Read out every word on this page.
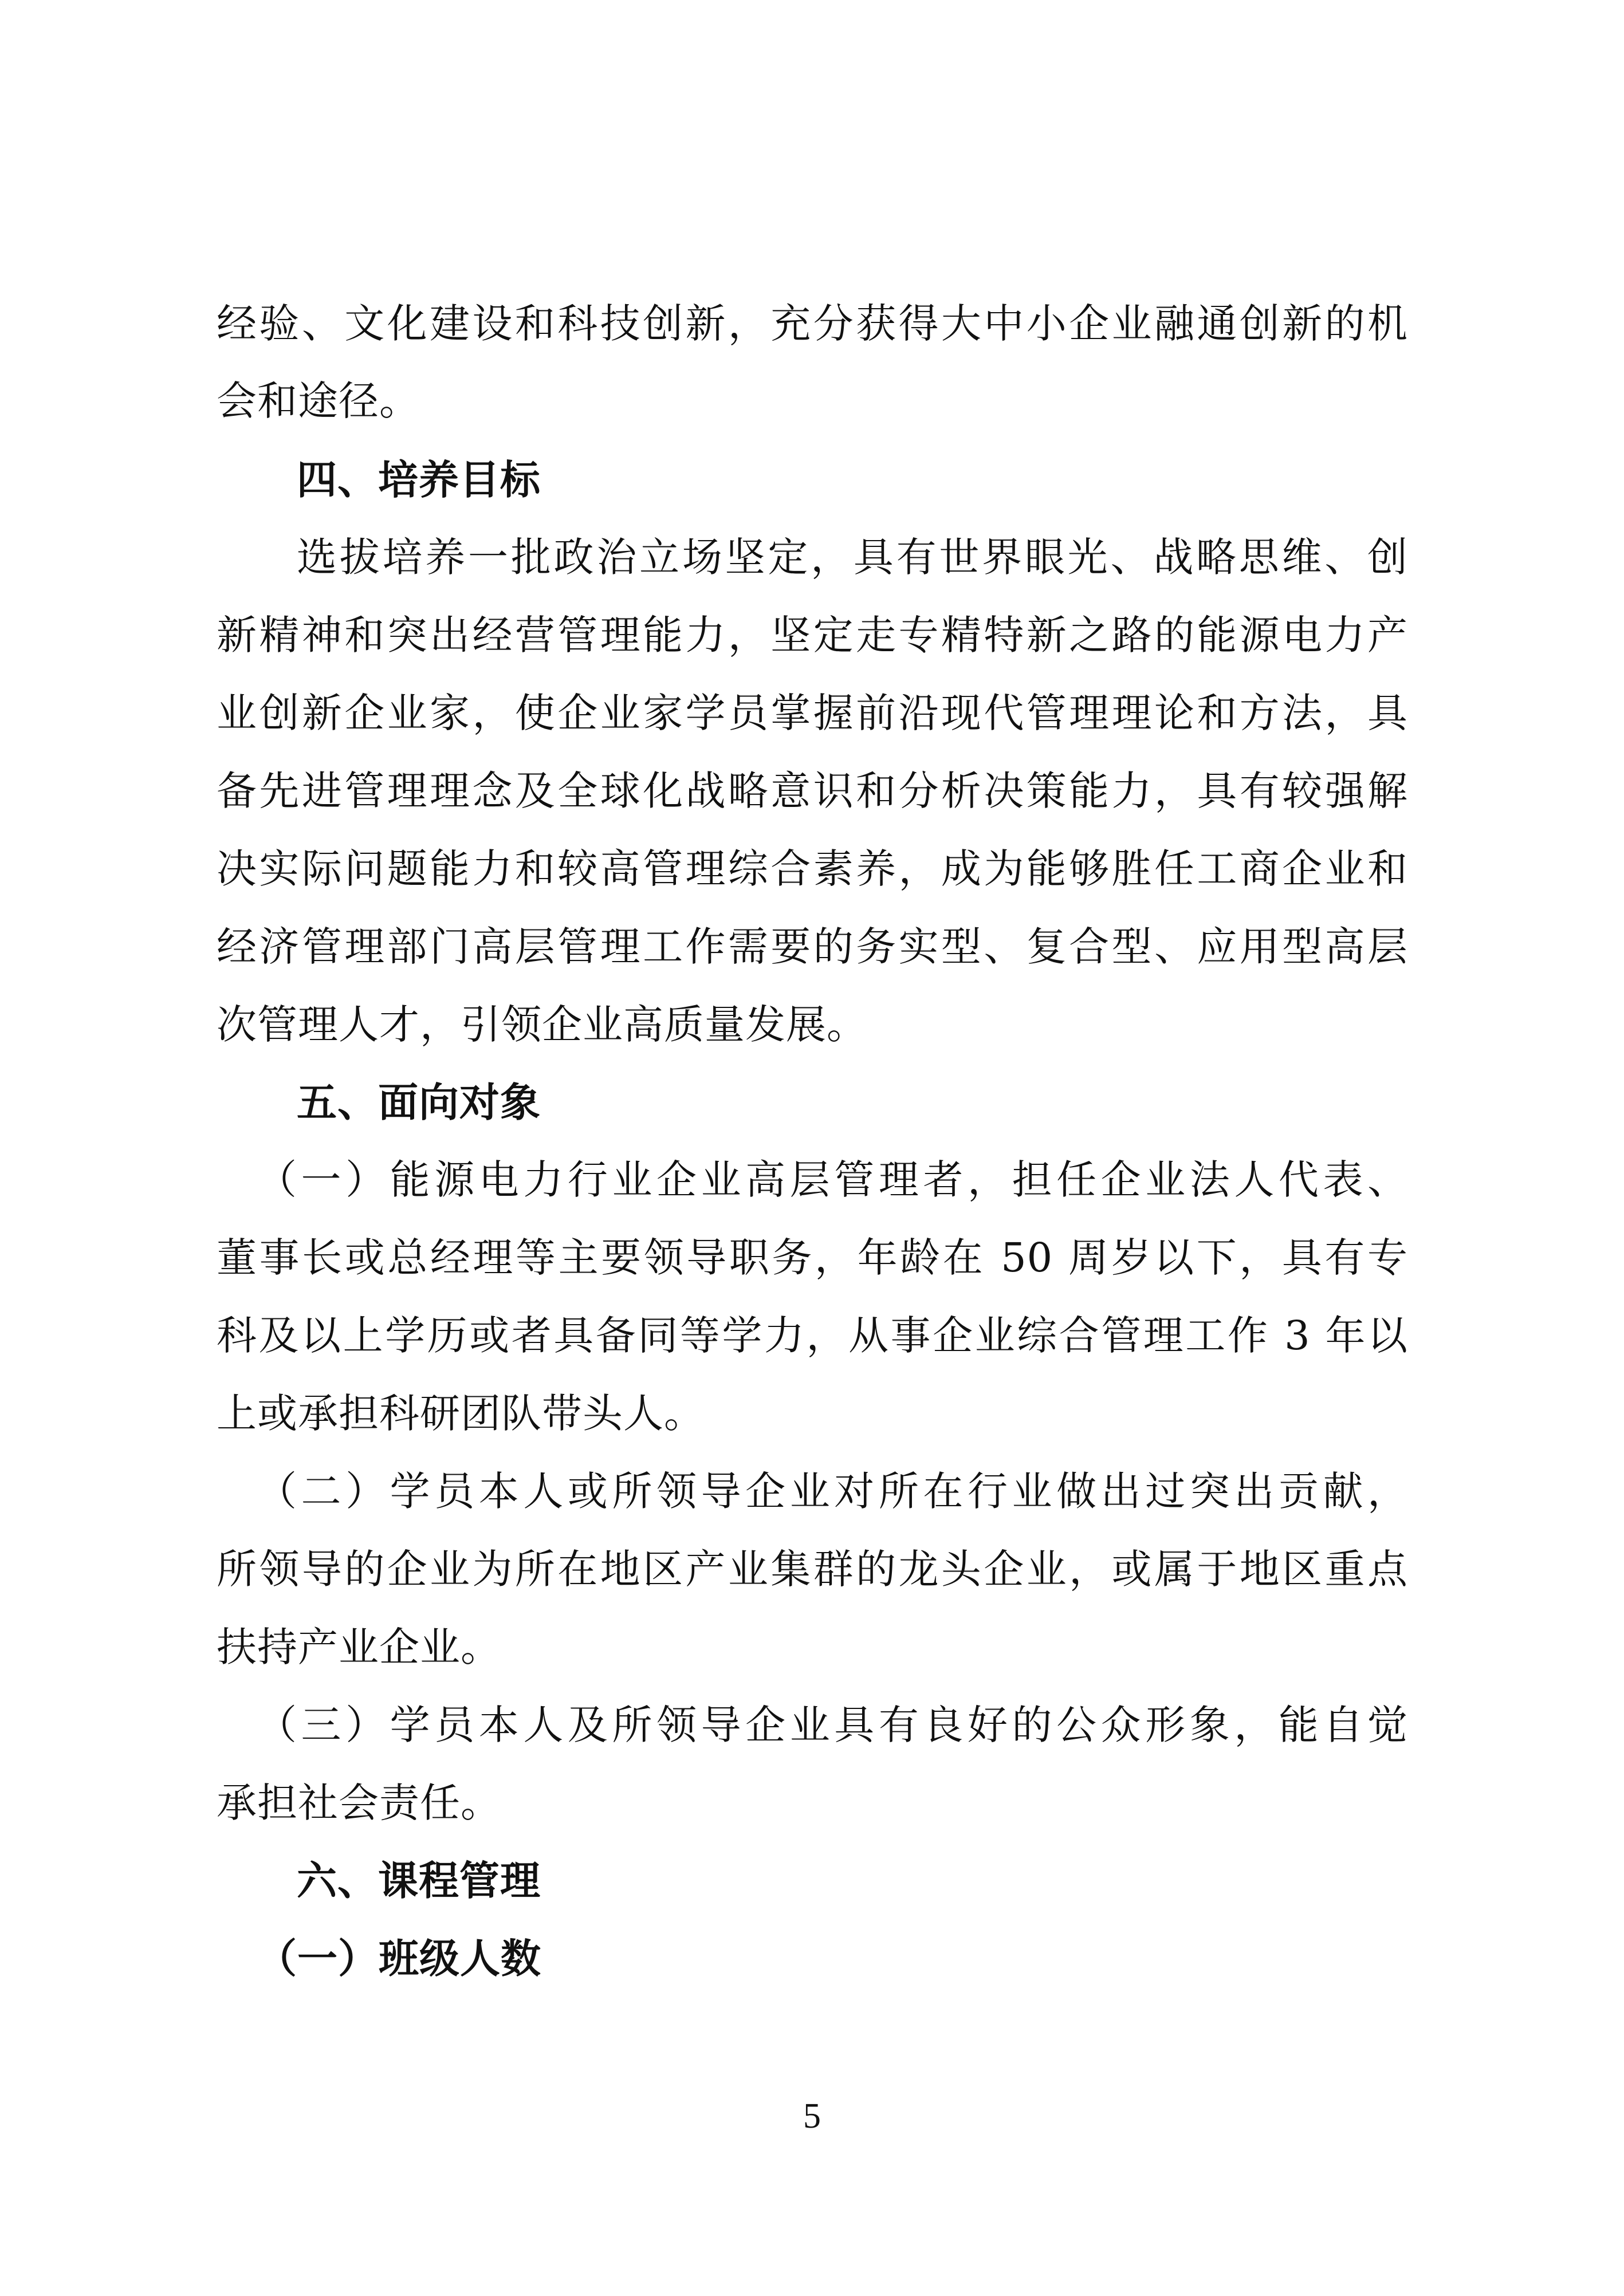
经验、文化建设和科技创新，充分获得大中小企业融通创新的机
会和途径。
四、培养目标
选拔培养一批政治立场坚定，具有世界眼光、战略思维、创
新精神和突出经营管理能力，坚定走专精特新之路的能源电力产
业创新企业家，使企业家学员掌握前沿现代管理理论和方法，具
备先进管理理念及全球化战略意识和分析决策能力，具有较强解
决实际问题能力和较高管理综合素养，成为能够胜任工商企业和
经济管理部门高层管理工作需要的务实型、复合型、应用型高层
次管理人才，引领企业高质量发展。
五、面向对象
（一）能源电力行业企业高层管理者，担任企业法人代表、
董事长或总经理等主要领导职务，年龄在 50 周岁以下，具有专
科及以上学历或者具备同等学力，从事企业综合管理工作 3 年以
上或承担科研团队带头人。
（二）学员本人或所领导企业对所在行业做出过突出贡献，
所领导的企业为所在地区产业集群的龙头企业，或属于地区重点
扶持产业企业。
（三）学员本人及所领导企业具有良好的公众形象，能自觉
承担社会责任。
六、课程管理
（一）班级人数
5
